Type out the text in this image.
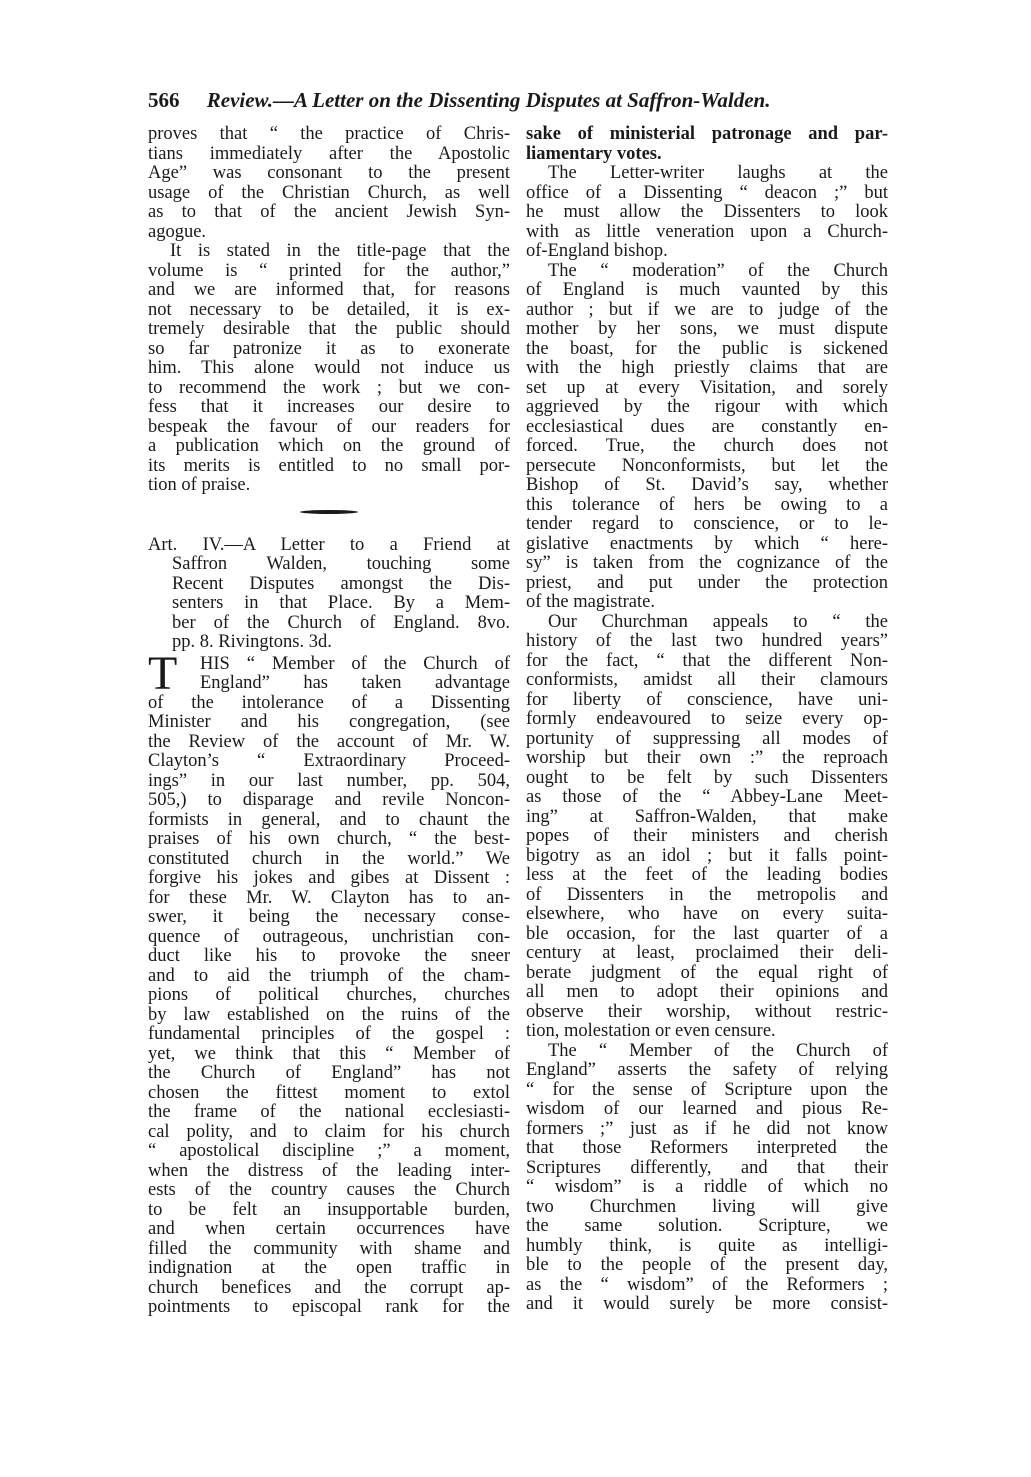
566 Review.—A Letter on the Dissenting Disputes at Saffron-Walden.
proves that “ the practice of Chris-
tians immediately after the Apostolic
Age” was consonant to the present
usage of the Christian Church, as well
as to that of the ancient Jewish Syn-
agogue.
It is stated in the title-page that the
volume is “ printed for the author,”
and we are informed that, for reasons
not necessary to be detailed, it is ex-
tremely desirable that the public should
so far patronize it as to exonerate
him. This alone would not induce us
to recommend the work ; but we con-
fess that it increases our desire to
bespeak the favour of our readers for
a publication which on the ground of
its merits is entitled to no small por-
tion of praise.
Art. IV.—A Letter to a Friend at
Saffron Walden, touching some
Recent Disputes amongst the Dis-
senters in that Place. By a Mem-
ber of the Church of England. 8vo.
pp. 8. Rivingtons. 3d.
T	HIS “ Member of the Church of
England” has taken advantage
of the intolerance of a Dissenting
Minister and his congregation, (see
the Review of the account of Mr. W.
Clayton’s “ Extraordinary Proceed-
ings” in our last number, pp. 504,
505,) to disparage and revile Noncon-
formists in general, and to chaunt the
praises of his own church, “ the best-
constituted church in the world.” We
forgive his jokes and gibes at Dissent :
for these Mr. W. Clayton has to an-
swer, it being the necessary conse-
quence of outrageous, unchristian con-
duct like his to provoke the sneer
and to aid the triumph of the cham-
pions of political churches, churches
by law established on the ruins of the
fundamental principles of the gospel :
yet, we think that this “ Member of
the Church of England” has not
chosen the fittest moment to extol
the frame of the national ecclesiasti-
cal polity, and to claim for his church
“ apostolical discipline ;” a moment,
when the distress of the leading inter-
ests of the country causes the Church
to be felt an insupportable burden,
and when certain occurrences have
filled the community with shame and
indignation at the open traffic in
church benefices and the corrupt ap-
pointments to episcopal rank for the
sake of ministerial patronage and par-
liamentary votes.
The Letter-writer laughs at the
office of a Dissenting “ deacon ;” but
he must allow the Dissenters to look
with as little veneration upon a Church-
of-England bishop.
The “ moderation” of the Church
of England is much vaunted by this
author ; but if we are to judge of the
mother by her sons, we must dispute
the boast, for the public is sickened
with the high priestly claims that are
set up at every Visitation, and sorely
aggrieved by the rigour with which
ecclesiastical dues are constantly en-
forced. True, the church does not
persecute Nonconformists, but let the
Bishop of St. David’s say, whether
this tolerance of hers be owing to a
tender regard to conscience, or to le-
gislative enactments by which “ here-
sy” is taken from the cognizance of the
priest, and put under the protection
of the magistrate.
Our Churchman appeals to “ the
history of the last two hundred years”
for the fact, “ that the different Non-
conformists, amidst all their clamours
for liberty of conscience, have uni-
formly endeavoured to seize every op-
portunity of suppressing all modes of
worship but their own :” the reproach
ought to be felt by such Dissenters
as those of the “ Abbey-Lane Meet-
ing” at Saffron-Walden, that make
popes of their ministers and cherish
bigotry as an idol ; but it falls point-
less at the feet of the leading bodies
of Dissenters in the metropolis and
elsewhere, who have on every suita-
ble occasion, for the last quarter of a
century at least, proclaimed their deli-
berate judgment of the equal right of
all men to adopt their opinions and
observe their worship, without restric-
tion, molestation or even censure.
The “ Member of the Church of
England” asserts the safety of relying
“ for the sense of Scripture upon the
wisdom of our learned and pious Re-
formers ;” just as if he did not know
that those Reformers interpreted the
Scriptures differently, and that their
“ wisdom” is a riddle of which no
two Churchmen living will give
the same solution. Scripture, we
humbly think, is quite as intelligi-
ble to the people of the present day,
as the “ wisdom” of the Reformers ;
and it would surely be more consist-
